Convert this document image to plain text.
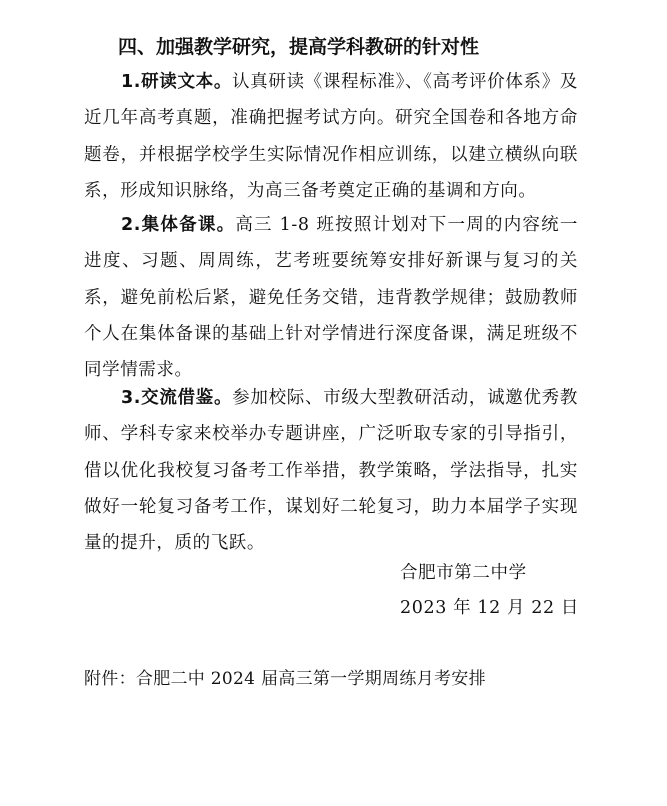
四、加强教学研究，提高学科教研的针对性

1.研读文本。认真研读《课程标准》、《高考评价体系》及近几年高考真题，准确把握考试方向。研究全国卷和各地方命题卷，并根据学校学生实际情况作相应训练，以建立横纵向联系，形成知识脉络，为高三备考奠定正确的基调和方向。

2.集体备课。高三 1-8 班按照计划对下一周的内容统一进度、习题、周周练，艺考班要统筹安排好新课与复习的关系，避免前松后紧，避免任务交错，违背教学规律；鼓励教师个人在集体备课的基础上针对学情进行深度备课，满足班级不同学情需求。

3.交流借鉴。参加校际、市级大型教研活动，诚邀优秀教师、学科专家来校举办专题讲座，广泛听取专家的引导指引，借以优化我校复习备考工作举措，教学策略，学法指导，扎实做好一轮复习备考工作，谋划好二轮复习，助力本届学子实现量的提升，质的飞跃。

合肥市第二中学

2023 年 12 月 22 日

附件：合肥二中 2024 届高三第一学期周练月考安排
